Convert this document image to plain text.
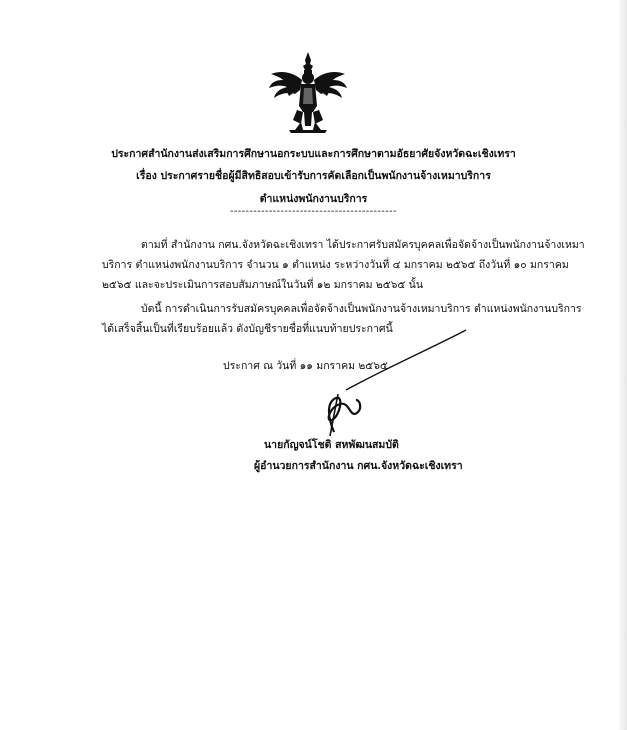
ประกาศสำนักงานส่งเสริมการศึกษานอกระบบและการศึกษาตามอัธยาศัยจังหวัดฉะเชิงเทรา
เรื่อง ประกาศรายชื่อผู้มีสิทธิสอบเข้ารับการคัดเลือกเป็นพนักงานจ้างเหมาบริการ
ตำแหน่งพนักงานบริการ
-------------------------------------------
ตามที่ สำนักงาน กศน.จังหวัดฉะเชิงเทรา ได้ประกาศรับสมัครบุคคลเพื่อจัดจ้างเป็นพนักงานจ้างเหมา
บริการ ตำแหน่งพนักงานบริการ จำนวน ๑ ตำแหน่ง ระหว่างวันที่ ๔ มกราคม ๒๕๖๕ ถึงวันที่ ๑๐ มกราคม
๒๕๖๕ และจะประเมินการสอบสัมภาษณ์ในวันที่ ๑๒ มกราคม ๒๕๖๕ นั้น
บัดนี้ การดำเนินการรับสมัครบุคคลเพื่อจัดจ้างเป็นพนักงานจ้างเหมาบริการ ตำแหน่งพนักงานบริการ
ได้เสร็จสิ้นเป็นที่เรียบร้อยแล้ว ดังบัญชีรายชื่อที่แนบท้ายประกาศนี้
ประกาศ ณ วันที่ ๑๑ มกราคม ๒๕๖๕
นายกัญจน์โชติ สหพัฒนสมบัติ
ผู้อำนวยการสำนักงาน กศน.จังหวัดฉะเชิงเทรา
